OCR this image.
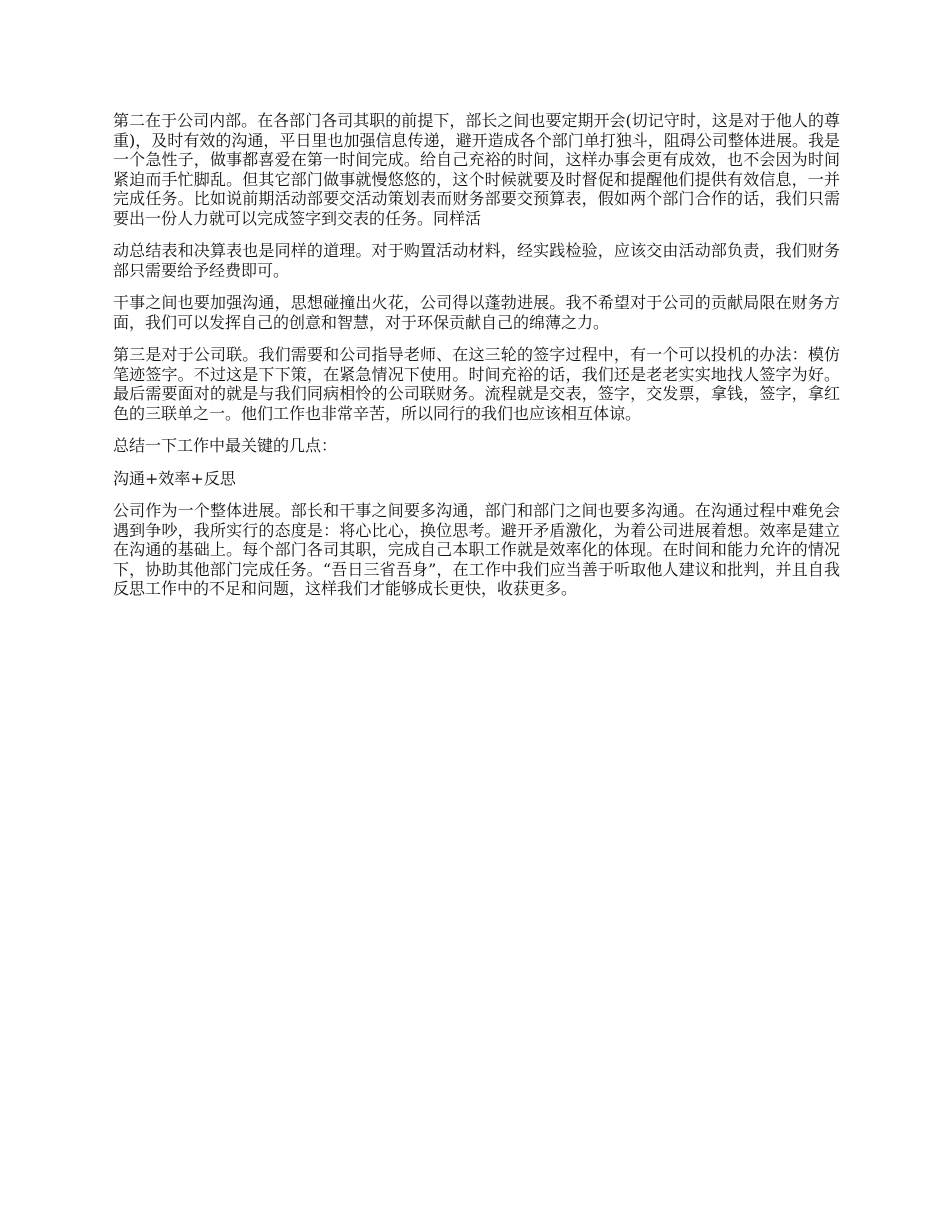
第二在于公司内部。在各部门各司其职的前提下，部长之间也要定期开会(切记守时，这是对于他人的尊重)，及时有效的沟通，平日里也加强信息传递，避开造成各个部门单打独斗，阻碍公司整体进展。我是一个急性子，做事都喜爱在第一时间完成。给自己充裕的时间，这样办事会更有成效，也不会因为时间紧迫而手忙脚乱。但其它部门做事就慢悠悠的，这个时候就要及时督促和提醒他们提供有效信息，一并完成任务。比如说前期活动部要交活动策划表而财务部要交预算表，假如两个部门合作的话，我们只需要出一份人力就可以完成签字到交表的任务。同样活

动总结表和决算表也是同样的道理。对于购置活动材料，经实践检验，应该交由活动部负责，我们财务部只需要给予经费即可。

干事之间也要加强沟通，思想碰撞出火花，公司得以蓬勃进展。我不希望对于公司的贡献局限在财务方面，我们可以发挥自己的创意和智慧，对于环保贡献自己的绵薄之力。

第三是对于公司联。我们需要和公司指导老师、在这三轮的签字过程中，有一个可以投机的办法：模仿笔迹签字。不过这是下下策，在紧急情况下使用。时间充裕的话，我们还是老老实实地找人签字为好。最后需要面对的就是与我们同病相怜的公司联财务。流程就是交表，签字，交发票，拿钱，签字，拿红色的三联单之一。他们工作也非常辛苦，所以同行的我们也应该相互体谅。

总结一下工作中最关键的几点：

沟通+效率+反思

公司作为一个整体进展。部长和干事之间要多沟通，部门和部门之间也要多沟通。在沟通过程中难免会遇到争吵，我所实行的态度是：将心比心，换位思考。避开矛盾激化，为着公司进展着想。效率是建立在沟通的基础上。每个部门各司其职，完成自己本职工作就是效率化的体现。在时间和能力允许的情况下，协助其他部门完成任务。“吾日三省吾身”，在工作中我们应当善于听取他人建议和批判，并且自我反思工作中的不足和问题，这样我们才能够成长更快，收获更多。
